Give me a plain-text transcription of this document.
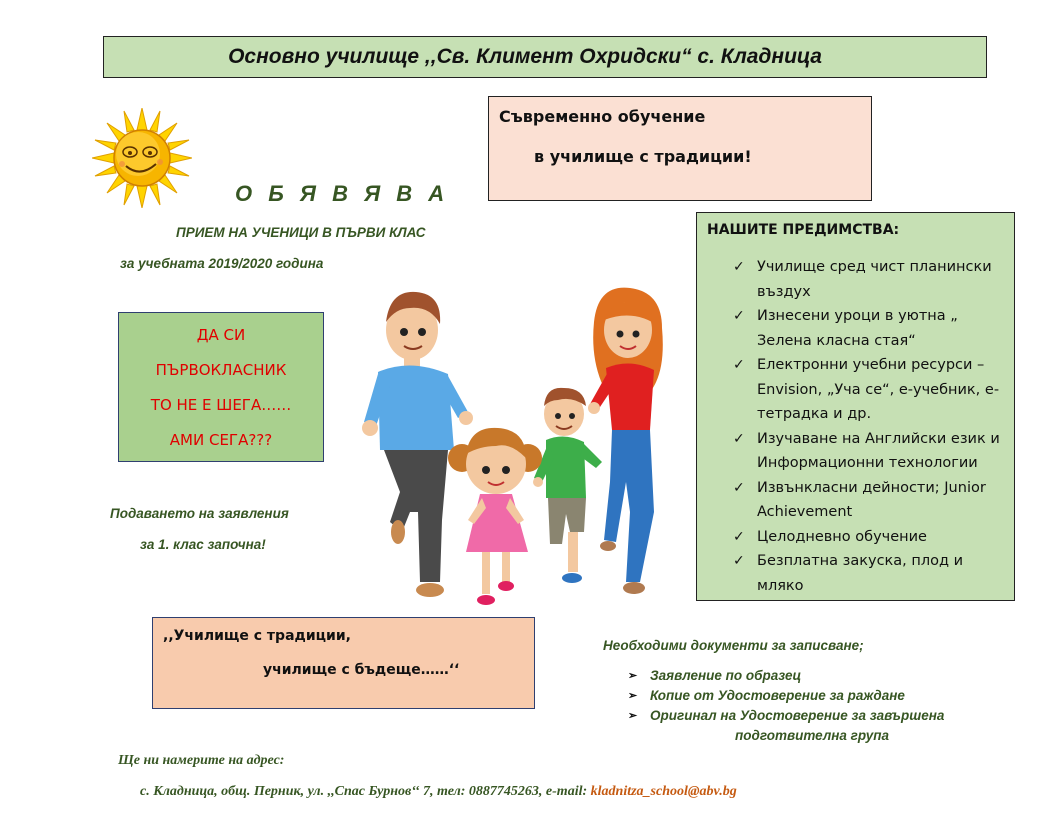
Основно училище ,,Св. Климент Охридски“ с. Кладница
Съвременно обучение
в училище с традиции!
О Б Я В Я В А
ПРИЕМ НА УЧЕНИЦИ В ПЪРВИ КЛАС
за учебната 2019/2020 година
ДА СИ
ПЪРВОКЛАСНИК
ТО НЕ Е ШЕГА……
АМИ СЕГА???
Подаването на заявления
за 1. клас започна!
НАШИТЕ ПРЕДИМСТВА:
✓ Училище сред чист планински въздух
✓ Изнесени уроци в уютна „ Зелена класна стая“
✓ Електронни учебни ресурси – Envision, „Уча се“, е-учебник, е- тетрадка и др.
✓ Изучаване на Английски език и Информационни технологии
✓ Извънкласни дейности; Junior Achievement
✓ Целодневно обучение
✓ Безплатна закуска, плод и мляко
,,Училище с традиции,
училище с бъдеще……‘‘
Необходими документи за записване;
➢ Заявление по образец
➢ Копие от Удостоверение за раждане
➢ Оригинал на Удостоверение за завършена
подготвителна група
Ще ни намерите на адрес:
с. Кладница, общ. Перник, ул. ,,Спас Бурнов‘‘ 7, тел: 0887745263, e-mail: kladnitza_school@abv.bg
